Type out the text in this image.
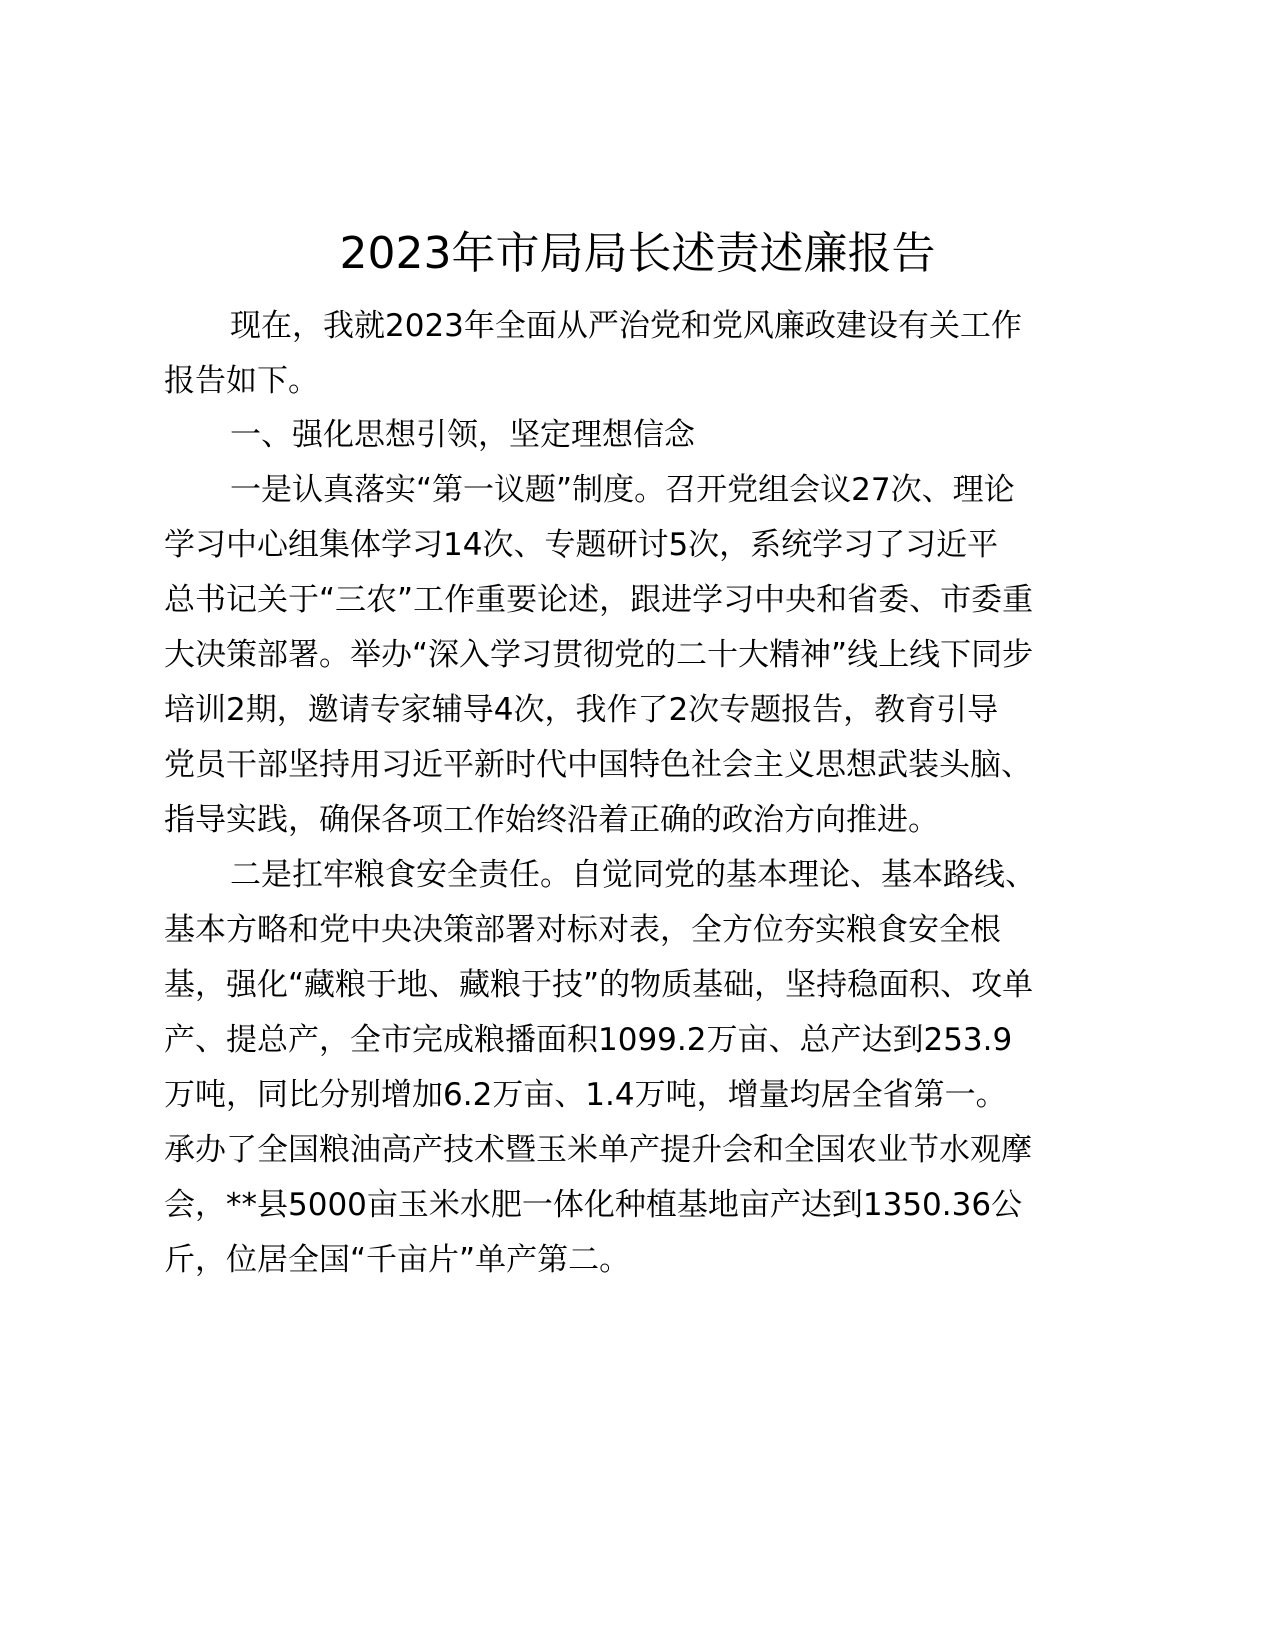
2023年市局局长述责述廉报告
现在，我就2023年全面从严治党和党风廉政建设有关工作
报告如下。
一、强化思想引领，坚定理想信念
一是认真落实“第一议题”制度。召开党组会议27次、理论
学习中心组集体学习14次、专题研讨5次，系统学习了习近平
总书记关于“三农”工作重要论述，跟进学习中央和省委、市委重
大决策部署。举办“深入学习贯彻党的二十大精神”线上线下同步
培训2期，邀请专家辅导4次，我作了2次专题报告，教育引导
党员干部坚持用习近平新时代中国特色社会主义思想武装头脑、
指导实践，确保各项工作始终沿着正确的政治方向推进。
二是扛牢粮食安全责任。自觉同党的基本理论、基本路线、
基本方略和党中央决策部署对标对表，全方位夯实粮食安全根
基，强化“藏粮于地、藏粮于技”的物质基础，坚持稳面积、攻单
产、提总产，全市完成粮播面积1099.2万亩、总产达到253.9
万吨，同比分别增加6.2万亩、1.4万吨，增量均居全省第一。
承办了全国粮油高产技术暨玉米单产提升会和全国农业节水观摩
会，**县5000亩玉米水肥一体化种植基地亩产达到1350.36公
斤，位居全国“千亩片”单产第二。
